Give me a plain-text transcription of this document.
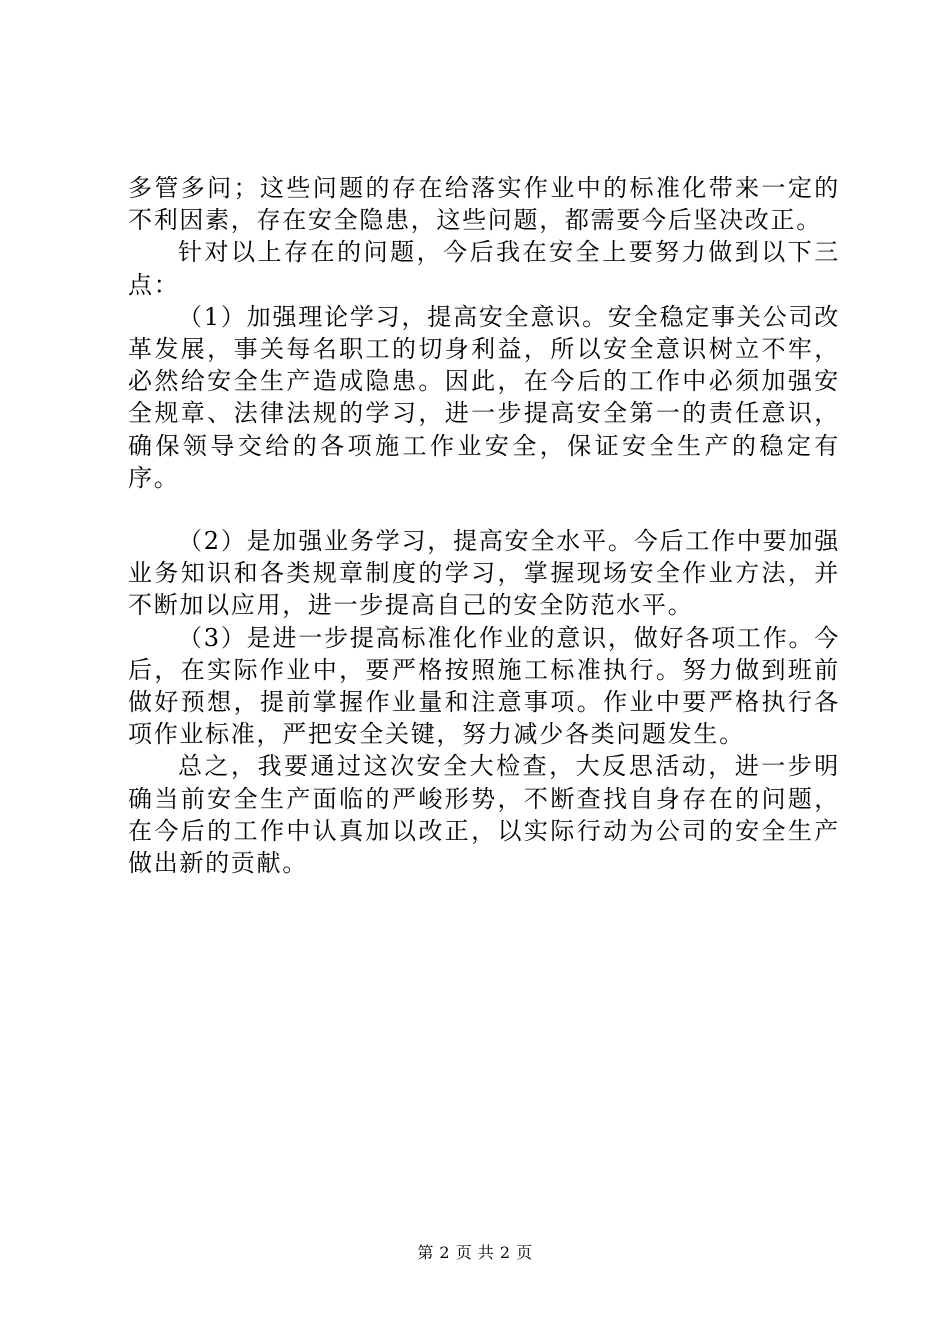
多管多问；这些问题的存在给落实作业中的标准化带来一定的不利因素，存在安全隐患，这些问题，都需要今后坚决改正。

针对以上存在的问题，今后我在安全上要努力做到以下三点：

（1）加强理论学习，提高安全意识。安全稳定事关公司改革发展，事关每名职工的切身利益，所以安全意识树立不牢，必然给安全生产造成隐患。因此，在今后的工作中必须加强安全规章、法律法规的学习，进一步提高安全第一的责任意识，确保领导交给的各项施工作业安全，保证安全生产的稳定有序。

（2）是加强业务学习，提高安全水平。今后工作中要加强业务知识和各类规章制度的学习，掌握现场安全作业方法，并不断加以应用，进一步提高自己的安全防范水平。

（3）是进一步提高标准化作业的意识，做好各项工作。今后，在实际作业中，要严格按照施工标准执行。努力做到班前做好预想，提前掌握作业量和注意事项。作业中要严格执行各项作业标准，严把安全关键，努力减少各类问题发生。

总之，我要通过这次安全大检查，大反思活动，进一步明确当前安全生产面临的严峻形势，不断查找自身存在的问题，在今后的工作中认真加以改正，以实际行动为公司的安全生产做出新的贡献。

第 2 页 共 2 页
